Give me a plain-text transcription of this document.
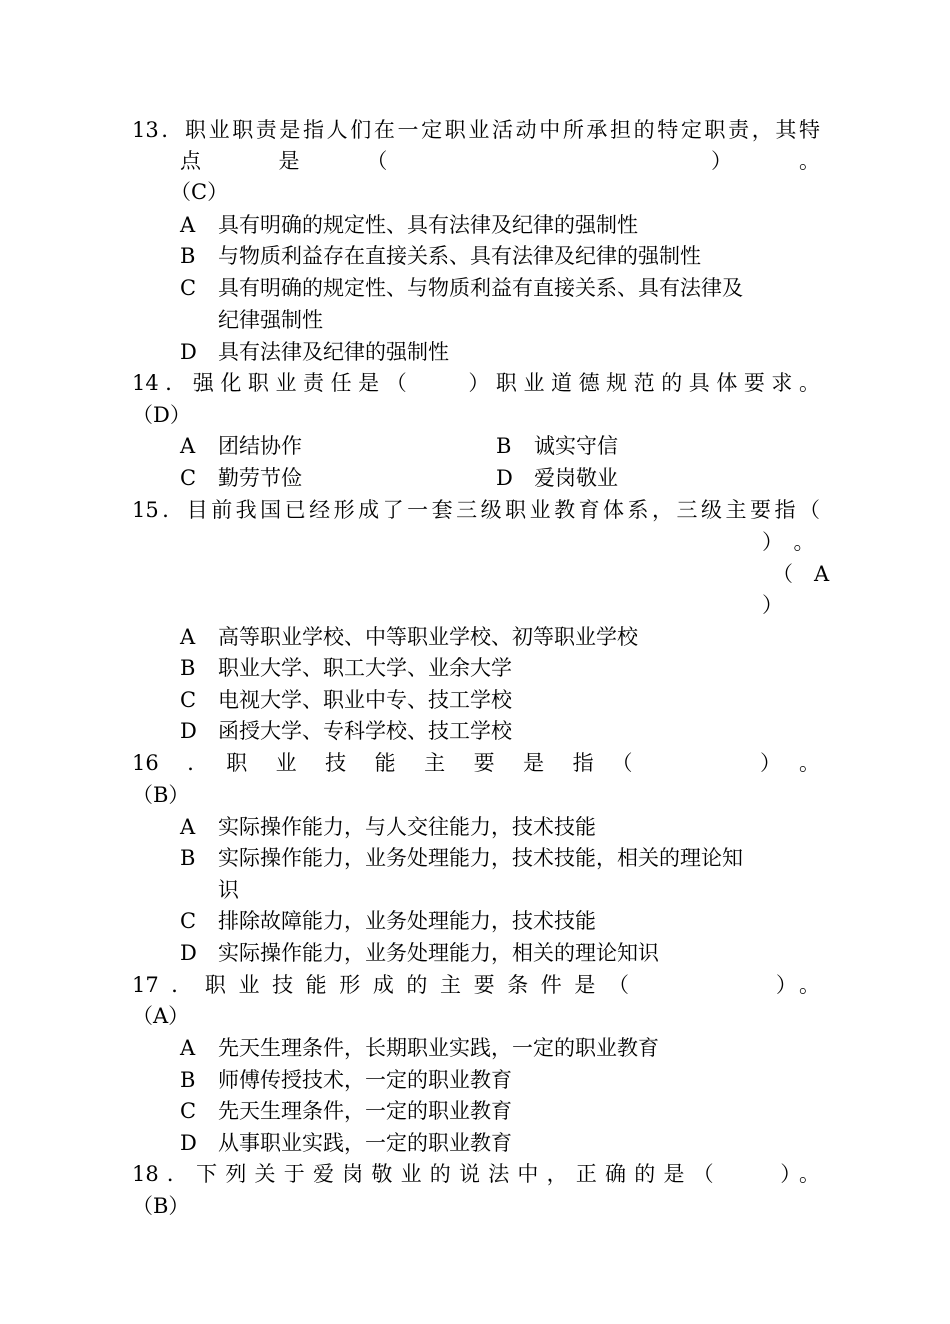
13．职业职责是指人们在一定职业活动中所承担的特定职责，其特
点　　　是　　　（　　　　　　　　　　　　　）　　　。
（C）
A 具有明确的规定性、具有法律及纪律的强制性
B 与物质利益存在直接关系、具有法律及纪律的强制性
C 具有明确的规定性、与物质利益有直接关系、具有法律及
纪律强制性
D 具有法律及纪律的强制性
14．强化职业责任是（　　）职业道德规范的具体要求。
（D）
A 团结协作	B 诚实守信
C 勤劳节俭	D 爱岗敬业
15．目前我国已经形成了一套三级职业教育体系，三级主要指（
）　。
（　A
）
A 高等职业学校、中等职业学校、初等职业学校
B 职业大学、职工大学、业余大学
C 电视大学、职业中专、技工学校
D 函授大学、专科学校、技工学校
16　．　职　业　技　能　主　要　是　指　（　　　　　）　。
（B）
A 实际操作能力，与人交往能力，技术技能
B 实际操作能力，业务处理能力，技术技能，相关的理论知
识
C 排除故障能力，业务处理能力，技术技能
D 实际操作能力，业务处理能力，相关的理论知识
17．职业技能形成的主要条件是（　　　　）。
（A）
A 先天生理条件，长期职业实践，一定的职业教育
B 师傅传授技术，一定的职业教育
C 先天生理条件，一定的职业教育
D 从事职业实践，一定的职业教育
18．下列关于爱岗敬业的说法中，正确的是（　　）。
（B）
